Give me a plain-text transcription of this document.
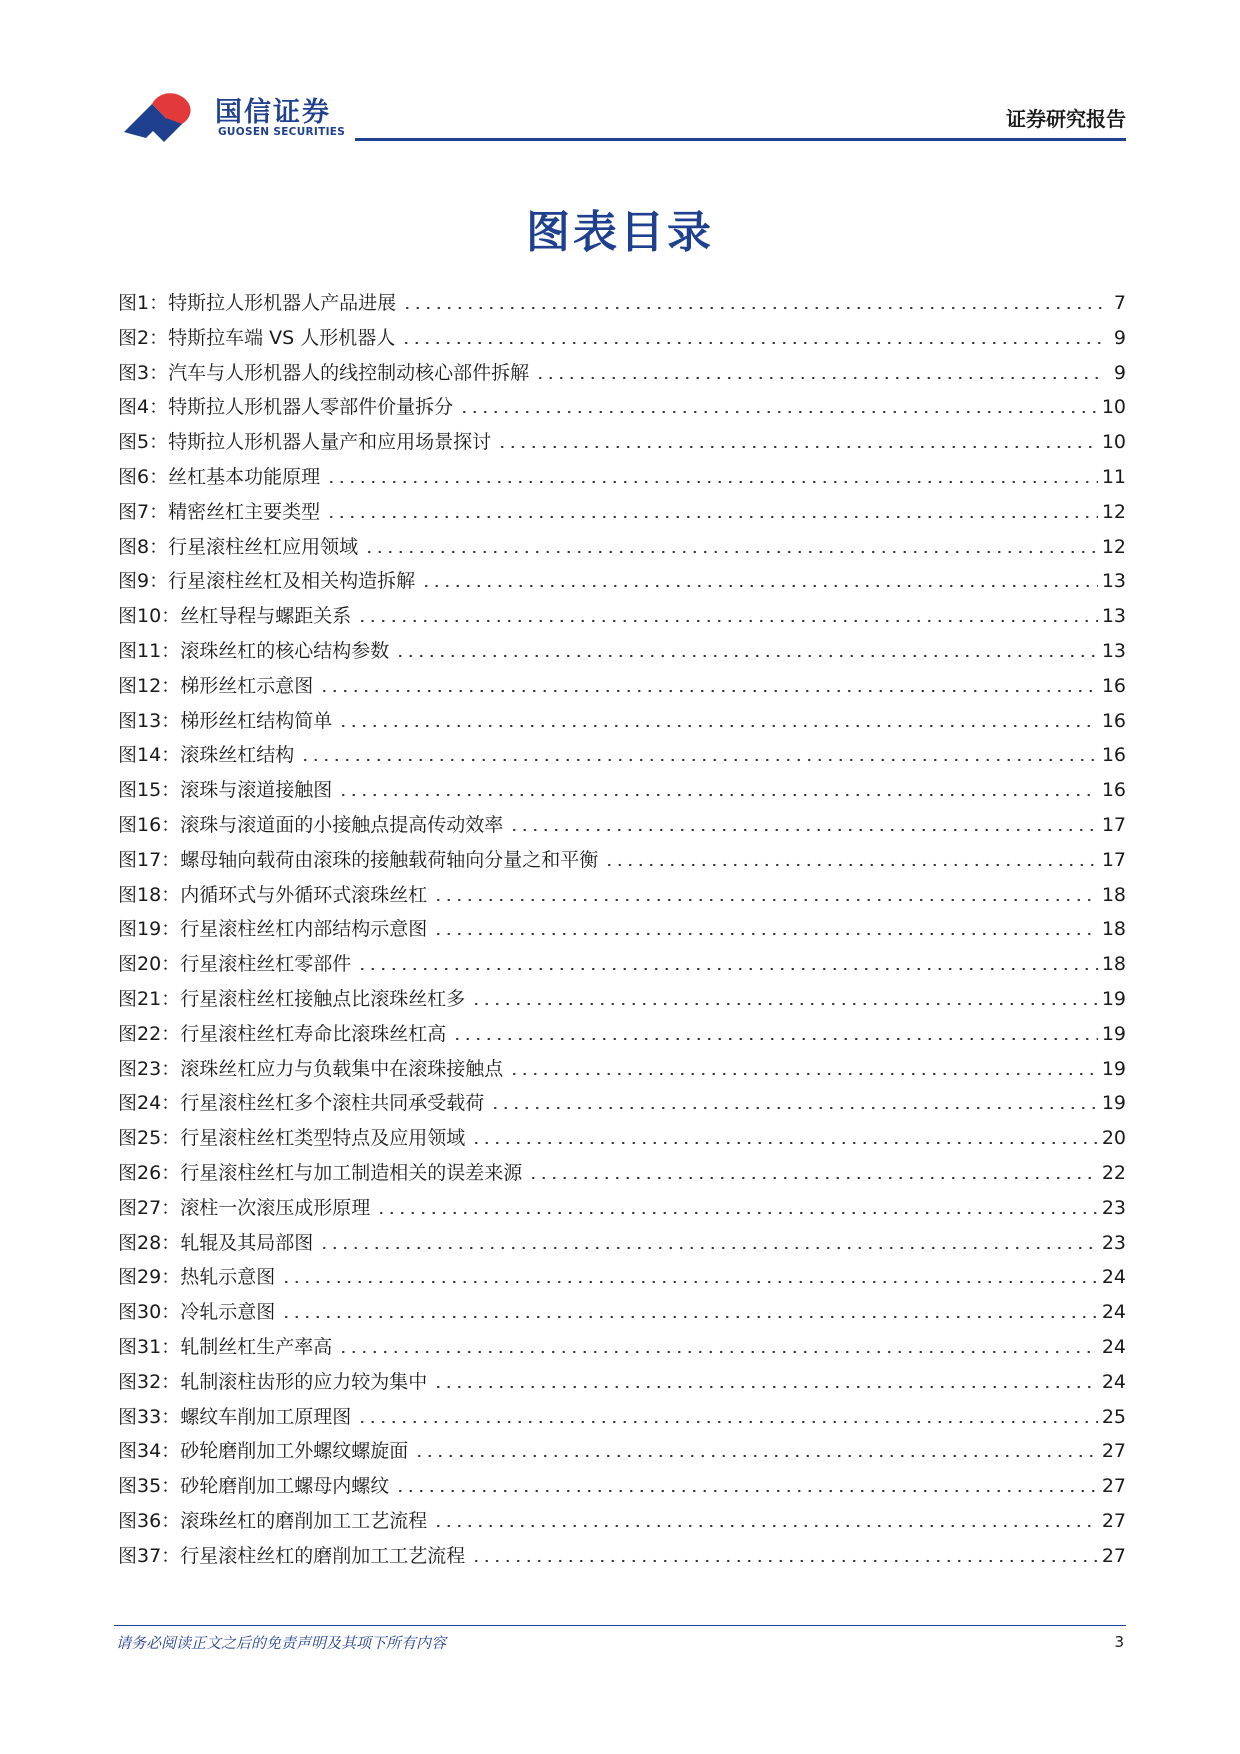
国信证券
GUOSEN SECURITIES
证券研究报告
图表目录
图1： 特斯拉人形机器人产品进展	7
图2： 特斯拉车端 VS 人形机器人	9
图3： 汽车与人形机器人的线控制动核心部件拆解	9
图4： 特斯拉人形机器人零部件价量拆分	10
图5： 特斯拉人形机器人量产和应用场景探讨	10
图6： 丝杠基本功能原理	11
图7： 精密丝杠主要类型	12
图8： 行星滚柱丝杠应用领域	12
图9： 行星滚柱丝杠及相关构造拆解	13
图10： 丝杠导程与螺距关系	13
图11： 滚珠丝杠的核心结构参数	13
图12： 梯形丝杠示意图	16
图13： 梯形丝杠结构简单	16
图14： 滚珠丝杠结构	16
图15： 滚珠与滚道接触图	16
图16： 滚珠与滚道面的小接触点提高传动效率	17
图17： 螺母轴向载荷由滚珠的接触载荷轴向分量之和平衡	17
图18： 内循环式与外循环式滚珠丝杠	18
图19： 行星滚柱丝杠内部结构示意图	18
图20： 行星滚柱丝杠零部件	18
图21： 行星滚柱丝杠接触点比滚珠丝杠多	19
图22： 行星滚柱丝杠寿命比滚珠丝杠高	19
图23： 滚珠丝杠应力与负载集中在滚珠接触点	19
图24： 行星滚柱丝杠多个滚柱共同承受载荷	19
图25： 行星滚柱丝杠类型特点及应用领域	20
图26： 行星滚柱丝杠与加工制造相关的误差来源	22
图27： 滚柱一次滚压成形原理	23
图28： 轧辊及其局部图	23
图29： 热轧示意图	24
图30： 冷轧示意图	24
图31： 轧制丝杠生产率高	24
图32： 轧制滚柱齿形的应力较为集中	24
图33： 螺纹车削加工原理图	25
图34： 砂轮磨削加工外螺纹螺旋面	27
图35： 砂轮磨削加工螺母内螺纹	27
图36： 滚珠丝杠的磨削加工工艺流程	27
图37： 行星滚柱丝杠的磨削加工工艺流程	27
请务必阅读正文之后的免责声明及其项下所有内容	3
